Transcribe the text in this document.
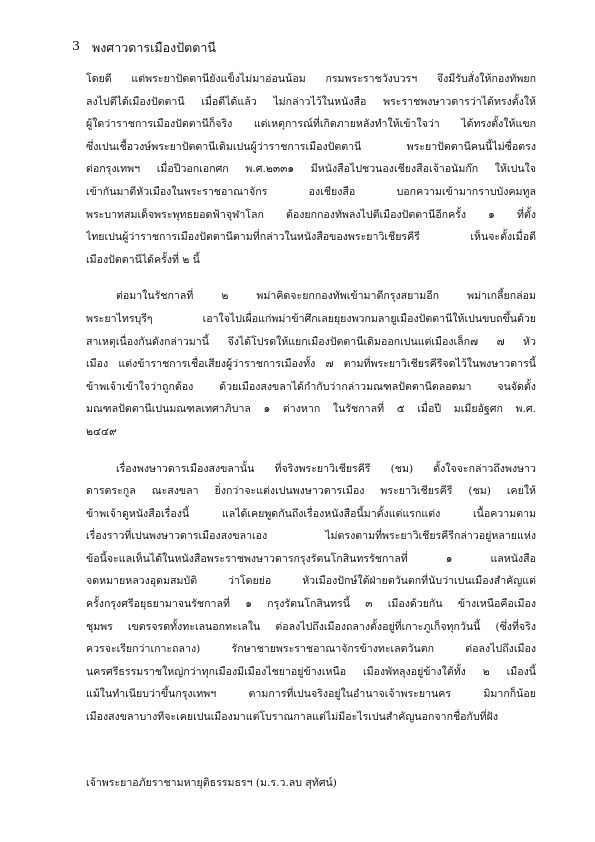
3 พงศาวดารเมืองปัตตานี

โดยดี แต่พระยาปัตตานียังแข็งไม่มาอ่อนน้อม กรมพระราชวังบวรฯ จึงมีรับสั่งให้กองทัพยก
ลงไปตีได้เมืองปัตตานี เมื่อตีได้แล้ว ไม่กล่าวไว้ในหนังสือ พระราชพงษาวดารว่าได้ทรงตั้งให้
ผู้ใดว่าราชการเมืองปัตตานีก็จริง แต่เหตุการณ์ที่เกิดภายหลังทำให้เข้าใจว่า ได้ทรงตั้งให้แขก
ซึ่งเปนเชื้อวงษ์พระยาปัตตานีเดิมเปนผู้ว่าราชการเมืองปัตตานี พระยาปัตตานีคนนี้ไม่ซื่อตรง
ต่อกรุงเทพฯ เมื่อปีวอกเอกศก พ.ศ.๒๓๓๑ มีหนังสือไปชวนองเชียงสือเจ้าอนัมก๊ก ให้เปนใจ
เข้ากันมาตีหัวเมืองในพระราชอาณาจักร องเชียงสือ บอกความเข้ามากราบบังคมทูล
พระบาทสมเด็จพระพุทธยอดฟ้าจุฬาโลก ต้องยกกองทัพลงไปตีเมืองปัตตานีอีกครั้ง ๑ ที่ตั้ง
ไทยเปนผู้ว่าราชการเมืองปัตตานีตามที่กล่าวในหนังสือของพระยาวิเชียรคีรี เห็นจะตั้งเมื่อตี
เมืองปัตตานีได้ครั้งที่ ๒ นี้

ต่อมาในรัชกาลที่ ๒ พม่าคิดจะยกกองทัพเข้ามาตีกรุงสยามอีก พม่าเกลี้ยกล่อม
พระยาไทรบุรีๆ เอาใจไปเผื่อแก่พม่าข้าศึกเลยยุยงพวกมลายูเมืองปัตตานีให้เปนขบถขึ้นด้วย
สาเหตุเนื่องกันดังกล่าวมานี้ จึงได้โปรดให้แยกเมืองปัตตานีเดิมออกเปนแต่เมืองเล็ก๗ ๗ หัว
เมือง แต่งข้าราชการเชื่อเสียงผู้ว่าราชการเมืองทั้ง ๗ ตามที่พระยาวิเชียรคีรีจดไว้ในพงษาวดารนี้
ข้าพเจ้าเข้าใจว่าถูกต้อง ด้วยเมืองสงขลาได้กำกับว่ากล่าวมณฑลปัตตานีตลอดมา จนจัดตั้ง
มณฑลปัตตานีเปนมณฑลเทศาภิบาล ๑ ต่างหาก ในรัชกาลที่ ๕ เมื่อปี มเมียอัฐศก พ.ศ.
๒๔๔๙

เรื่องพงษาวดารเมืองสงขลานั้น ที่จริงพระยาวิเชียรคีรี (ชม) ตั้งใจจะกล่าวถึงพงษาว
ดารตระกูล ณะสงขลา ยิ่งกว่าจะแต่งเปนพงษาวดารเมือง พระยาวิเชียรคีรี (ชม) เคยให้
ข้าพเจ้าดูหนังสือเรื่องนี้ แลได้เคยพูดกันถึงเรื่องหนังสือนี้มาตั้งแต่แรกแต่ง เนื้อความตาม
เรื่องราวที่เปนพงษาวดารเมืองสงขลาเอง ไม่ตรงตามที่พระยาวิเชียรคีรีกล่าวอยู่หลายแห่ง
ข้อนี้จะแลเห็นได้ในหนังสือพระราชพงษาวดารกรุงรัตนโกสินทรรัชกาลที่ ๑ แลหนังสือ
จดหมายหลวงอุดมสมบัติ ว่าโดยย่อ หัวเมืองปักษ์ใต้ฝ่ายตวันตกที่นับว่าเปนเมืองสำคัญแต่
ครั้งกรุงศรีอยุธยามาจนรัชกาลที่ ๑ กรุงรัตนโกสินทรนี้ ๓ เมืองด้วยกัน ข้างเหนือคือเมือง
ชุมพร เขตรจรดทั้งทะเลนอกทะเลใน ต่อลงไปถึงเมืองถลางตั้งอยู่ที่เกาะภูเก็จทุกวันนี้ (ซึ่งที่จริง
ควรจะเรียกว่าเกาะถลาง) รักษาชายพระราชอาณาจักรข้างทะเลตวันตก ต่อลงไปถึงเมือง
นครศรีธรรมราชใหญ่กว่าทุกเมืองมีเมืองไชยาอยู่ข้างเหนือ เมืองพัทลุงอยู่ข้างใต้ทั้ง ๒ เมืองนี้
แม้ในทำเนียบว่าขึ้นกรุงเทพฯ ตามการที่เปนจริงอยู่ในอำนาจเจ้าพระยานคร มิมากก็น้อย
เมืองสงขลาบางทีจะเคยเปนเมืองมาแต่โบราณกาลแต่ไม่มีอะไรเปนสำคัญนอกจากชื่อกับที่ฝัง

เจ้าพระยาอภัยราชามหายุติธรรมธรฯ (ม.ร.ว.ลบ สุทัศน์)
